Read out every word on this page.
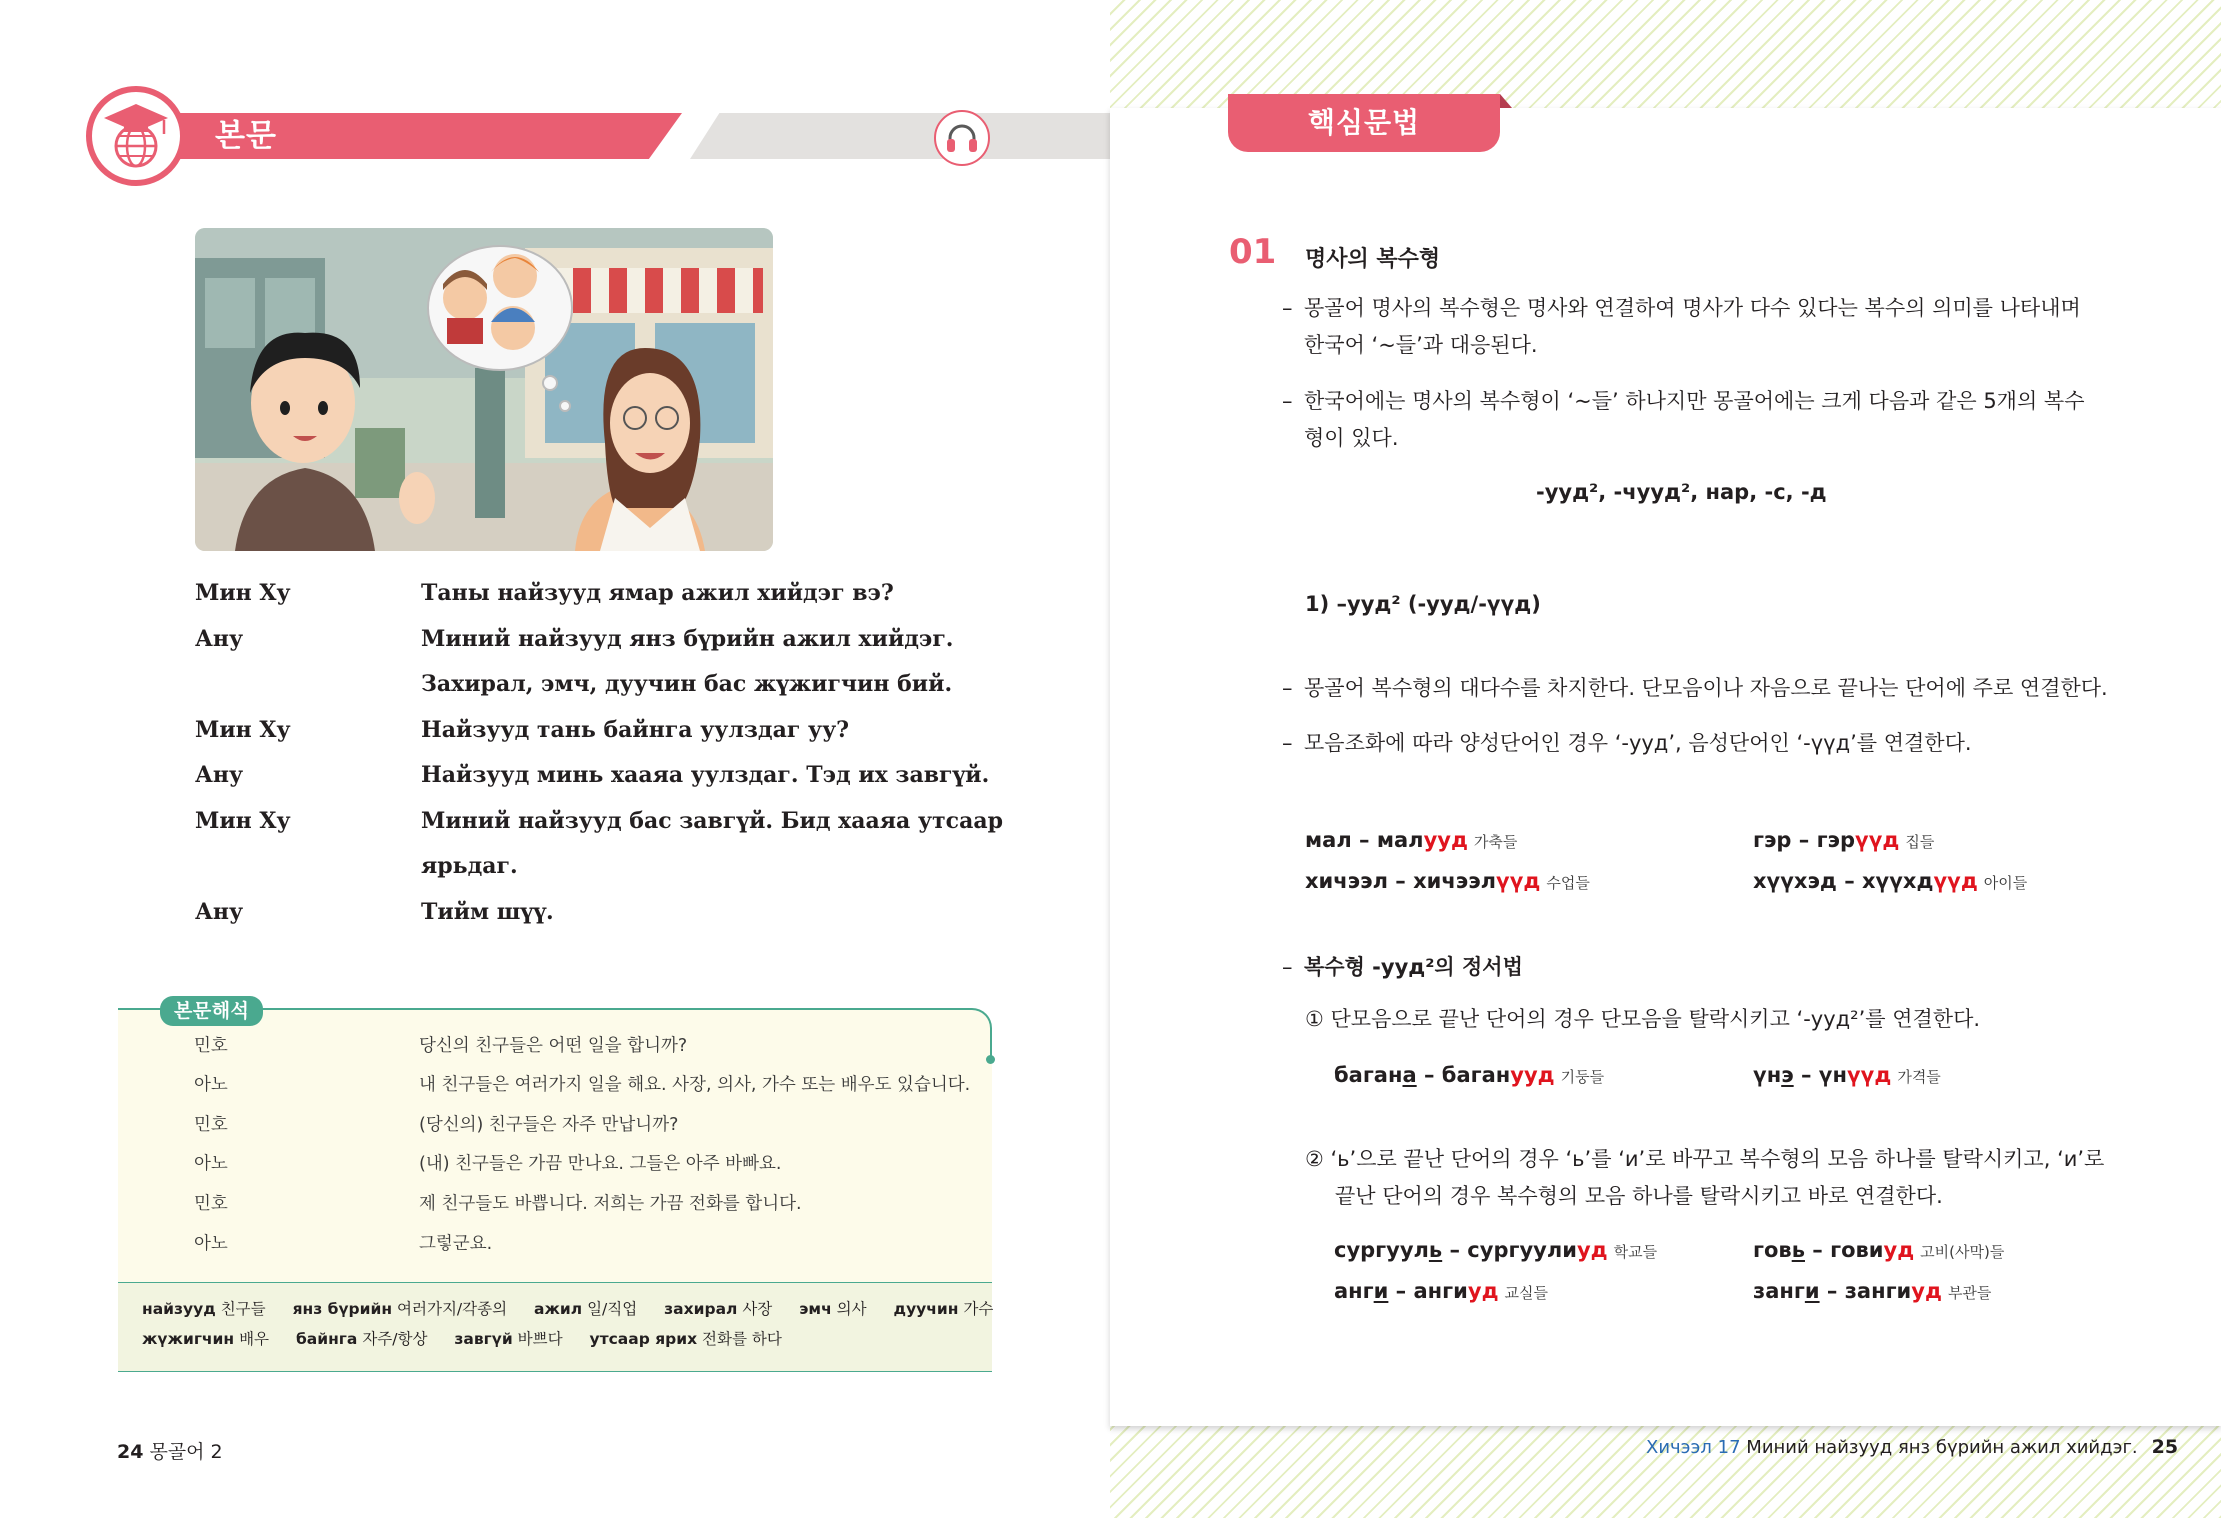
본문
Мин Ху	Таны найзууд ямар ажил хийдэг вэ?
Ану	Миний найзууд янз бүрийн ажил хийдэг.
Захирал, эмч, дуучин бас жүжигчин бий.
Мин Ху	Найзууд тань байнга уулздаг уу?
Ану	Найзууд минь хааяа уулздаг. Тэд их завгүй.
Мин Ху	Миний найзууд бас завгүй. Бид хааяа утсаар
ярьдаг.
Ану	Тийм шүү.
본문해석
민호	당신의 친구들은 어떤 일을 합니까?
아노	내 친구들은 여러가지 일을 해요. 사장, 의사, 가수 또는 배우도 있습니다.
민호	(당신의) 친구들은 자주 만납니까?
아노	(내) 친구들은 가끔 만나요. 그들은 아주 바빠요.
민호	제 친구들도 바쁩니다. 저희는 가끔 전화를 합니다.
아노	그렇군요.
найзууд 친구들 янз бүрийн 여러가지/각종의 ажил 일/직업 захирал 사장 эмч 의사 дуучин 가수
жүжигчин 배우 байнга 자주/항상 завгүй 바쁘다 утсаар ярих 전화를 하다
24 몽골어 2
핵심문법
01 명사의 복수형
– 몽골어 명사의 복수형은 명사와 연결하여 명사가 다수 있다는 복수의 의미를 나타내며
한국어 ‘~들’과 대응된다.
– 한국어에는 명사의 복수형이 ‘~들’ 하나지만 몽골어에는 크게 다음과 같은 5개의 복수
형이 있다.
-ууд², -чууд², нар, -с, -д
1) –ууд² (-ууд/-үүд)
– 몽골어 복수형의 대다수를 차지한다. 단모음이나 자음으로 끝나는 단어에 주로 연결한다.
– 모음조화에 따라 양성단어인 경우 ‘-ууд’, 음성단어인 ‘-үүд’를 연결한다.
мал – малууд 가축들	гэр – гэрүүд 집들
хичээл – хичээлүүд 수업들	хүүхэд – хүүхдүүд 아이들
– 복수형 -ууд²의 정서법
① 단모음으로 끝난 단어의 경우 단모음을 탈락시키고 ‘-ууд²’를 연결한다.
багана – баганууд 기둥들	үнэ – үнүүд 가격들
② ‘ь’으로 끝난 단어의 경우 ‘ь’를 ‘и’로 바꾸고 복수형의 모음 하나를 탈락시키고, ‘и’로
끝난 단어의 경우 복수형의 모음 하나를 탈락시키고 바로 연결한다.
сургууль – сургуулиуд 학교들	говь – говиуд 고비(사막)들
анги – ангиуд 교실들	занги – зангиуд 부관들
Хичээл 17 Миний найзууд янз бүрийн ажил хийдэг. 25
